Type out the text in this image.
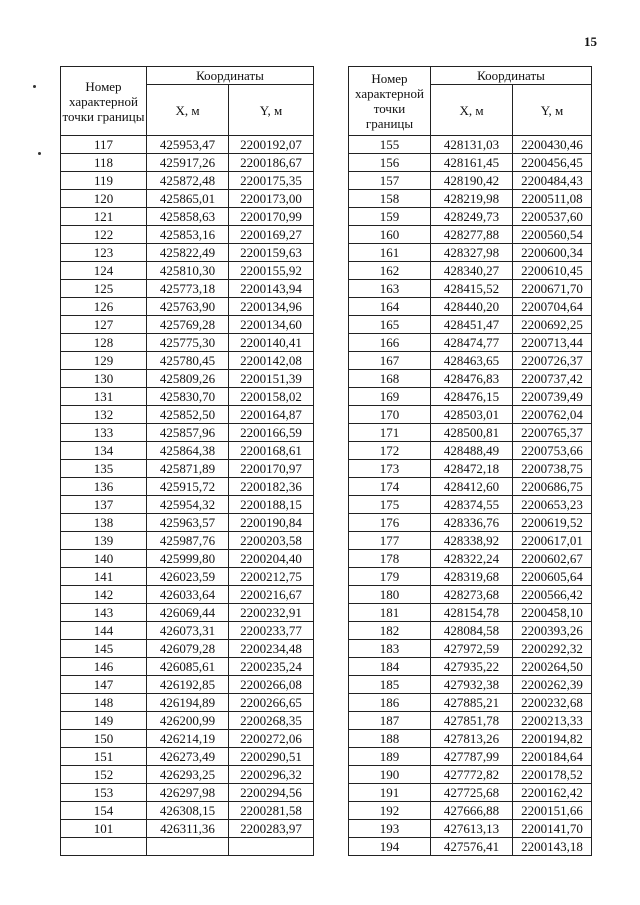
15
Номер характерной точки границы	Координаты	
	X, м	Y, м
117	425953,47	2200192,07
118	425917,26	2200186,67
119	425872,48	2200175,35
120	425865,01	2200173,00
121	425858,63	2200170,99
122	425853,16	2200169,27
123	425822,49	2200159,63
124	425810,30	2200155,92
125	425773,18	2200143,94
126	425763,90	2200134,96
127	425769,28	2200134,60
128	425775,30	2200140,41
129	425780,45	2200142,08
130	425809,26	2200151,39
131	425830,70	2200158,02
132	425852,50	2200164,87
133	425857,96	2200166,59
134	425864,38	2200168,61
135	425871,89	2200170,97
136	425915,72	2200182,36
137	425954,32	2200188,15
138	425963,57	2200190,84
139	425987,76	2200203,58
140	425999,80	2200204,40
141	426023,59	2200212,75
142	426033,64	2200216,67
143	426069,44	2200232,91
144	426073,31	2200233,77
145	426079,28	2200234,48
146	426085,61	2200235,24
147	426192,85	2200266,08
148	426194,89	2200266,65
149	426200,99	2200268,35
150	426214,19	2200272,06
151	426273,49	2200290,51
152	426293,25	2200296,32
153	426297,98	2200294,56
154	426308,15	2200281,58
101	426311,36	2200283,97

Номер характерной точки границы	Координаты	
	X, м	Y, м
155	428131,03	2200430,46
156	428161,45	2200456,45
157	428190,42	2200484,43
158	428219,98	2200511,08
159	428249,73	2200537,60
160	428277,88	2200560,54
161	428327,98	2200600,34
162	428340,27	2200610,45
163	428415,52	2200671,70
164	428440,20	2200704,64
165	428451,47	2200692,25
166	428474,77	2200713,44
167	428463,65	2200726,37
168	428476,83	2200737,42
169	428476,15	2200739,49
170	428503,01	2200762,04
171	428500,81	2200765,37
172	428488,49	2200753,66
173	428472,18	2200738,75
174	428412,60	2200686,75
175	428374,55	2200653,23
176	428336,76	2200619,52
177	428338,92	2200617,01
178	428322,24	2200602,67
179	428319,68	2200605,64
180	428273,68	2200566,42
181	428154,78	2200458,10
182	428084,58	2200393,26
183	427972,59	2200292,32
184	427935,22	2200264,50
185	427932,38	2200262,39
186	427885,21	2200232,68
187	427851,78	2200213,33
188	427813,26	2200194,82
189	427787,99	2200184,64
190	427772,82	2200178,52
191	427725,68	2200162,42
192	427666,88	2200151,66
193	427613,13	2200141,70
194	427576,41	2200143,18
